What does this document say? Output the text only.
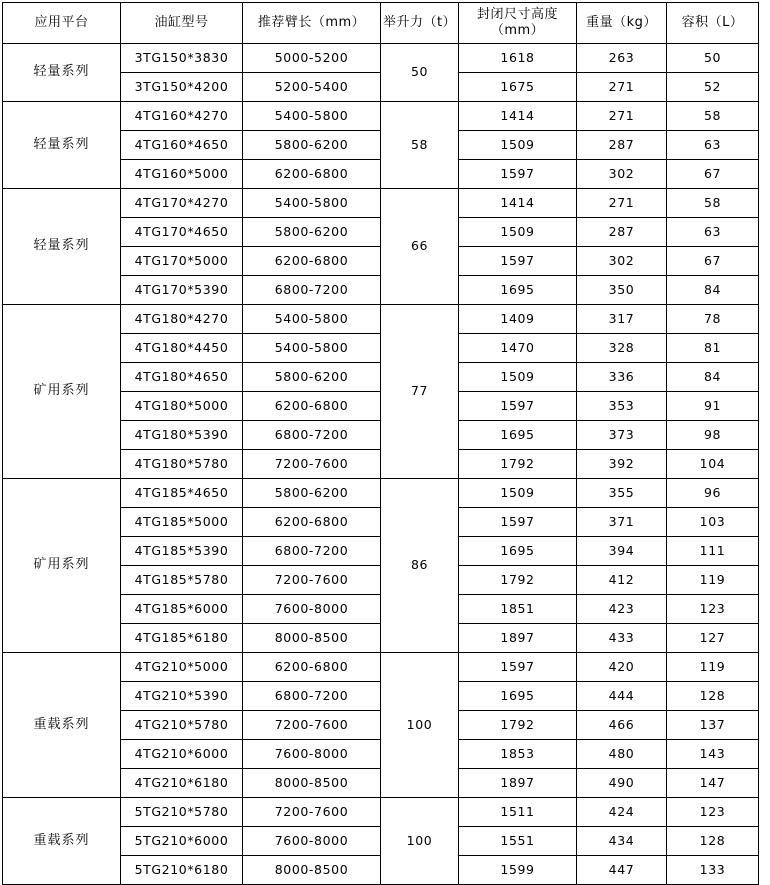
应用平台	油缸型号	推荐臂长（mm）	举升力（t）	封闭尺寸高度（mm）	重量（kg）	容积（L）

轻量系列	3TG150*3830	5000-5200	50	1618	263	50
	3TG150*4200	5200-5400		1675	271	52
轻量系列	4TG160*4270	5400-5800	58	1414	271	58
	4TG160*4650	5800-6200		1509	287	63
	4TG160*5000	6200-6800		1597	302	67
轻量系列	4TG170*4270	5400-5800	66	1414	271	58
	4TG170*4650	5800-6200		1509	287	63
	4TG170*5000	6200-6800		1597	302	67
	4TG170*5390	6800-7200		1695	350	84
矿用系列	4TG180*4270	5400-5800	77	1409	317	78
	4TG180*4450	5400-5800		1470	328	81
	4TG180*4650	5800-6200		1509	336	84
	4TG180*5000	6200-6800		1597	353	91
	4TG180*5390	6800-7200		1695	373	98
	4TG180*5780	7200-7600		1792	392	104
矿用系列	4TG185*4650	5800-6200	86	1509	355	96
	4TG185*5000	6200-6800		1597	371	103
	4TG185*5390	6800-7200		1695	394	111
	4TG185*5780	7200-7600		1792	412	119
	4TG185*6000	7600-8000		1851	423	123
	4TG185*6180	8000-8500		1897	433	127
重载系列	4TG210*5000	6200-6800	100	1597	420	119
	4TG210*5390	6800-7200		1695	444	128
	4TG210*5780	7200-7600		1792	466	137
	4TG210*6000	7600-8000		1853	480	143
	4TG210*6180	8000-8500		1897	490	147
重载系列	5TG210*5780	7200-7600	100	1511	424	123
	5TG210*6000	7600-8000		1551	434	128
	5TG210*6180	8000-8500		1599	447	133
